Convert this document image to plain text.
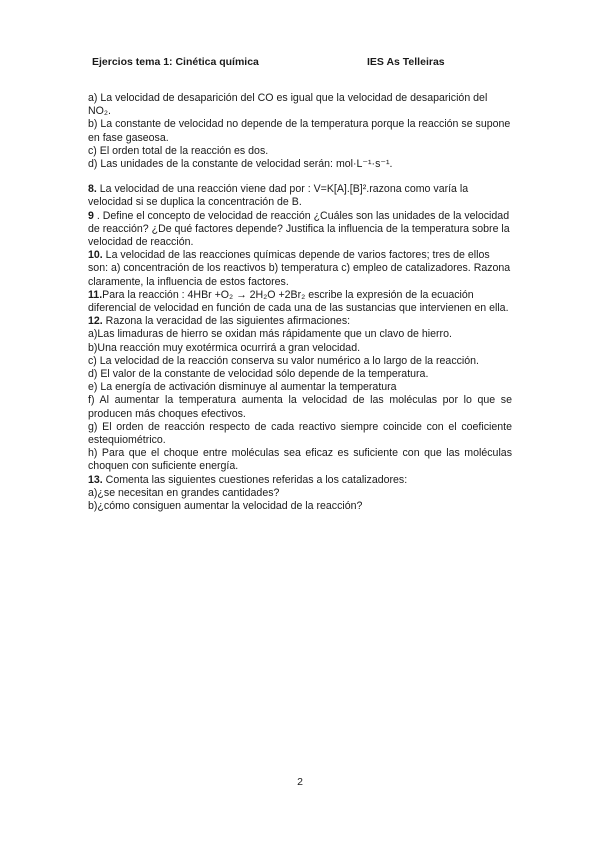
Ejercios tema 1: Cinética química	IES As Telleiras

a) La velocidad de desaparición del CO es igual que la velocidad de desaparición del NO₂.

b) La constante de velocidad no depende de la temperatura porque la reacción se supone en fase gaseosa.

c) El orden total de la reacción es dos.

d) Las unidades de la constante de velocidad serán: mol·L⁻¹·s⁻¹.

8. La velocidad de una reacción viene dad por : V=K[A].[B]².razona como varía la velocidad si se duplica la concentración de B.

9 . Define el concepto de velocidad de reacción ¿Cuáles son las unidades de la velocidad de reacción? ¿De qué factores depende? Justifica la influencia de la temperatura sobre la velocidad de reacción.

10. La velocidad de las reacciones químicas depende de varios factores; tres de ellos son: a) concentración de los reactivos b) temperatura c) empleo de catalizadores. Razona claramente, la influencia de estos factores.

11.Para la reacción : 4HBr +O₂ → 2H₂O +2Br₂ escribe la expresión de la ecuación diferencial de velocidad en función de cada una de las sustancias que intervienen en ella.

12. Razona la veracidad de las siguientes afirmaciones:

a)Las limaduras de hierro se oxidan más rápidamente que un clavo de hierro.

b)Una reacción muy exotérmica ocurrirá a gran velocidad.

c) La velocidad de la reacción conserva su valor numérico a lo largo de la reacción.

d) El valor de la constante de velocidad sólo depende de la temperatura.

e) La energía de activación disminuye al aumentar la temperatura

f) Al aumentar la temperatura aumenta la velocidad de las moléculas por lo que se producen más choques efectivos.

g) El orden de reacción respecto de cada reactivo siempre coincide con el coeficiente estequiométrico.

h) Para que el choque entre moléculas sea eficaz es suficiente con que las moléculas choquen con suficiente energía.

13. Comenta las siguientes cuestiones referidas a los catalizadores:

a)¿se necesitan en grandes cantidades?

b)¿cómo consiguen aumentar la velocidad de la reacción?

2
